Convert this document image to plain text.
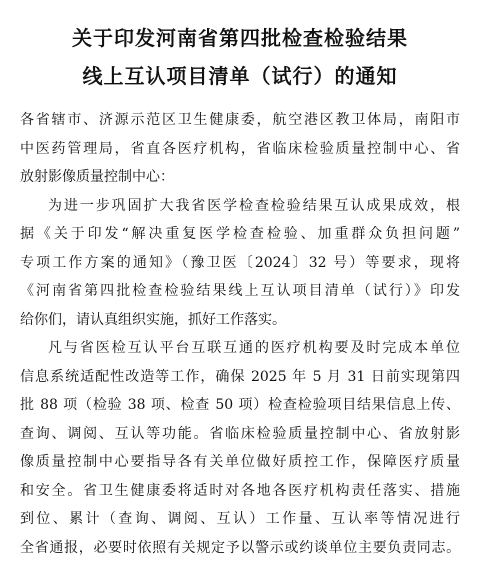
关于印发河南省第四批检查检验结果
线上互认项目清单（试行）的通知
各省辖市、济源示范区卫生健康委，航空港区教卫体局，南阳市
中医药管理局，省直各医疗机构，省临床检验质量控制中心、省
放射影像质量控制中心：
为进一步巩固扩大我省医学检查检验结果互认成果成效，根
据《关于印发“解决重复医学检查检验、加重群众负担问题”
专项工作方案的通知》（豫卫医〔2024〕32 号）等要求，现将
《河南省第四批检查检验结果线上互认项目清单（试行）》印发
给你们，请认真组织实施，抓好工作落实。
凡与省医检互认平台互联互通的医疗机构要及时完成本单位
信息系统适配性改造等工作，确保 2025 年 5 月 31 日前实现第四
批 88 项（检验 38 项、检查 50 项）检查检验项目结果信息上传、
查询、调阅、互认等功能。省临床检验质量控制中心、省放射影
像质量控制中心要指导各有关单位做好质控工作，保障医疗质量
和安全。省卫生健康委将适时对各地各医疗机构责任落实、措施
到位、累计（查询、调阅、互认）工作量、互认率等情况进行
全省通报，必要时依照有关规定予以警示或约谈单位主要负责同志。
